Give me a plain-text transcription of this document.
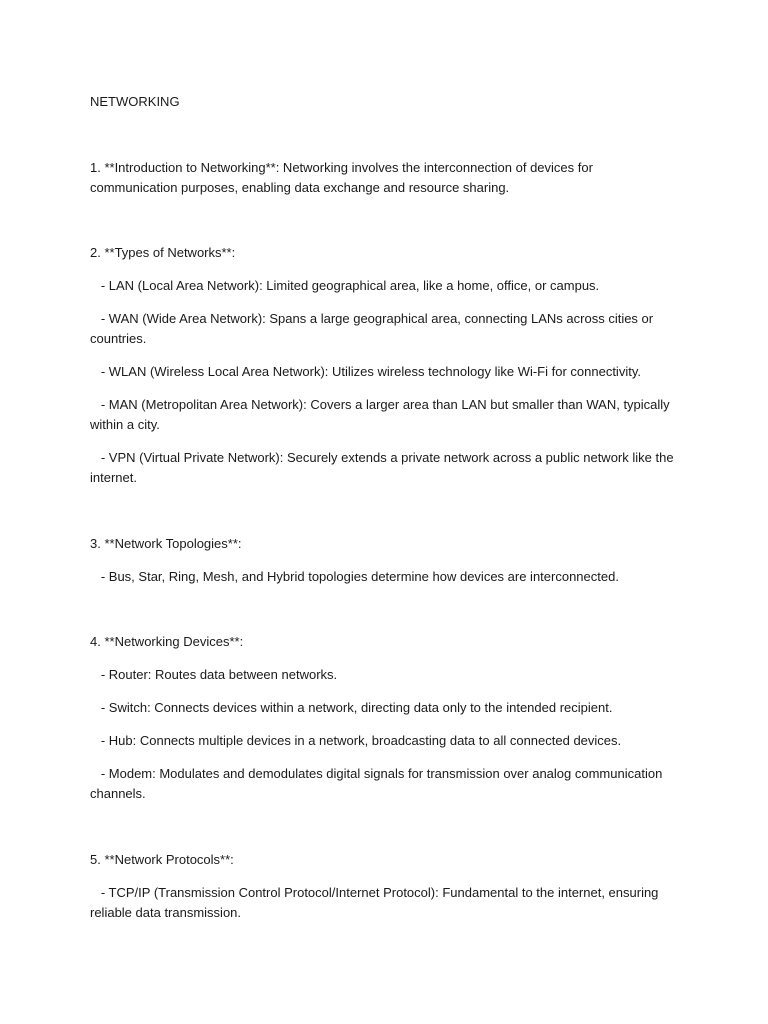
NETWORKING
1. **Introduction to Networking**: Networking involves the interconnection of devices for communication purposes, enabling data exchange and resource sharing.
2. **Types of Networks**:
- LAN (Local Area Network): Limited geographical area, like a home, office, or campus.
- WAN (Wide Area Network): Spans a large geographical area, connecting LANs across cities or countries.
- WLAN (Wireless Local Area Network): Utilizes wireless technology like Wi-Fi for connectivity.
- MAN (Metropolitan Area Network): Covers a larger area than LAN but smaller than WAN, typically within a city.
- VPN (Virtual Private Network): Securely extends a private network across a public network like the internet.
3. **Network Topologies**:
- Bus, Star, Ring, Mesh, and Hybrid topologies determine how devices are interconnected.
4. **Networking Devices**:
- Router: Routes data between networks.
- Switch: Connects devices within a network, directing data only to the intended recipient.
- Hub: Connects multiple devices in a network, broadcasting data to all connected devices.
- Modem: Modulates and demodulates digital signals for transmission over analog communication channels.
5. **Network Protocols**:
- TCP/IP (Transmission Control Protocol/Internet Protocol): Fundamental to the internet, ensuring reliable data transmission.
